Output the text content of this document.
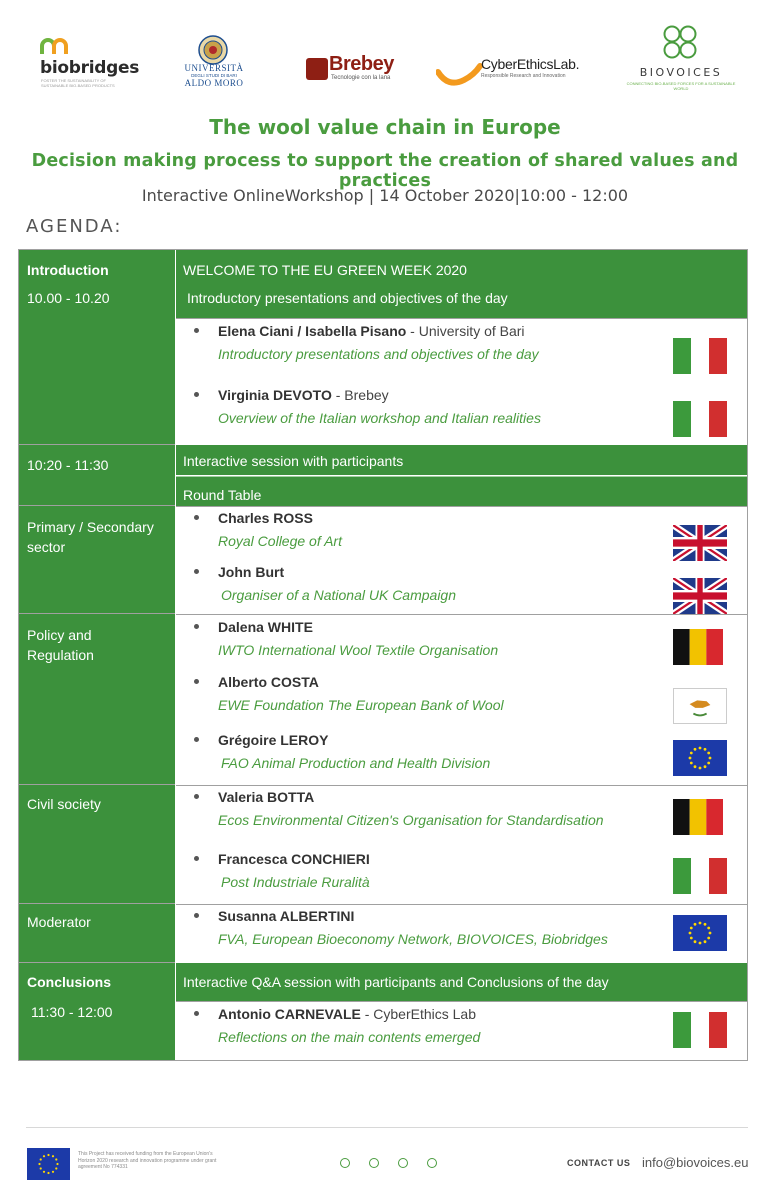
biobridges
FOSTER THE SUSTAINABILITY OF SUSTAINABLE BIO-BASED PRODUCTS
UNIVERSITÀ
DEGLI STUDI DI BARI
ALDO MORO
Brebey
Tecnologie con la lana
CyberEthicsLab.
Responsible Research and Innovation	BIOVOICES
CONNECTING BIO-BASED FORCES FOR A SUSTAINABLE WORLD
The wool value chain in Europe
Decision making process to support the creation of shared values and practices
Interactive OnlineWorkshop | 14 October 2020|10:00 - 12:00
AGENDA:
Introduction
10.00 - 10.20
10:20 - 11:30
Primary / Secondary sector
Policy and Regulation
Civil society
Moderator
Conclusions
11:30 - 12:00
WELCOME TO THE EU GREEN WEEK 2020
Introductory presentations and objectives of the day
Elena Ciani / Isabella Pisano - University of Bari
Introductory presentations and objectives of the day
Virginia DEVOTO - Brebey
Overview of the Italian workshop and Italian realities
Interactive session with participants
Round Table
Charles ROSS
Royal College of Art
John Burt
Organiser of a National UK Campaign
Dalena WHITE
IWTO International Wool Textile Organisation
Alberto COSTA
EWE Foundation The European Bank of Wool
Grégoire LEROY
FAO Animal Production and Health Division
Valeria BOTTA
Ecos Environmental Citizen's Organisation for Standardisation
Francesca CONCHIERI
Post Industriale Ruralità
Susanna ALBERTINI
FVA, European Bioeconomy Network, BIOVOICES, Biobridges
Interactive Q&A session with participants and Conclusions of the day
Antonio CARNEVALE - CyberEthics Lab
Reflections on the main contents emerged
This Project has received funding from the European Union's Horizon 2020 research and innovation programme under grant agreement No 774331	CONTACT US info@biovoices.eu
